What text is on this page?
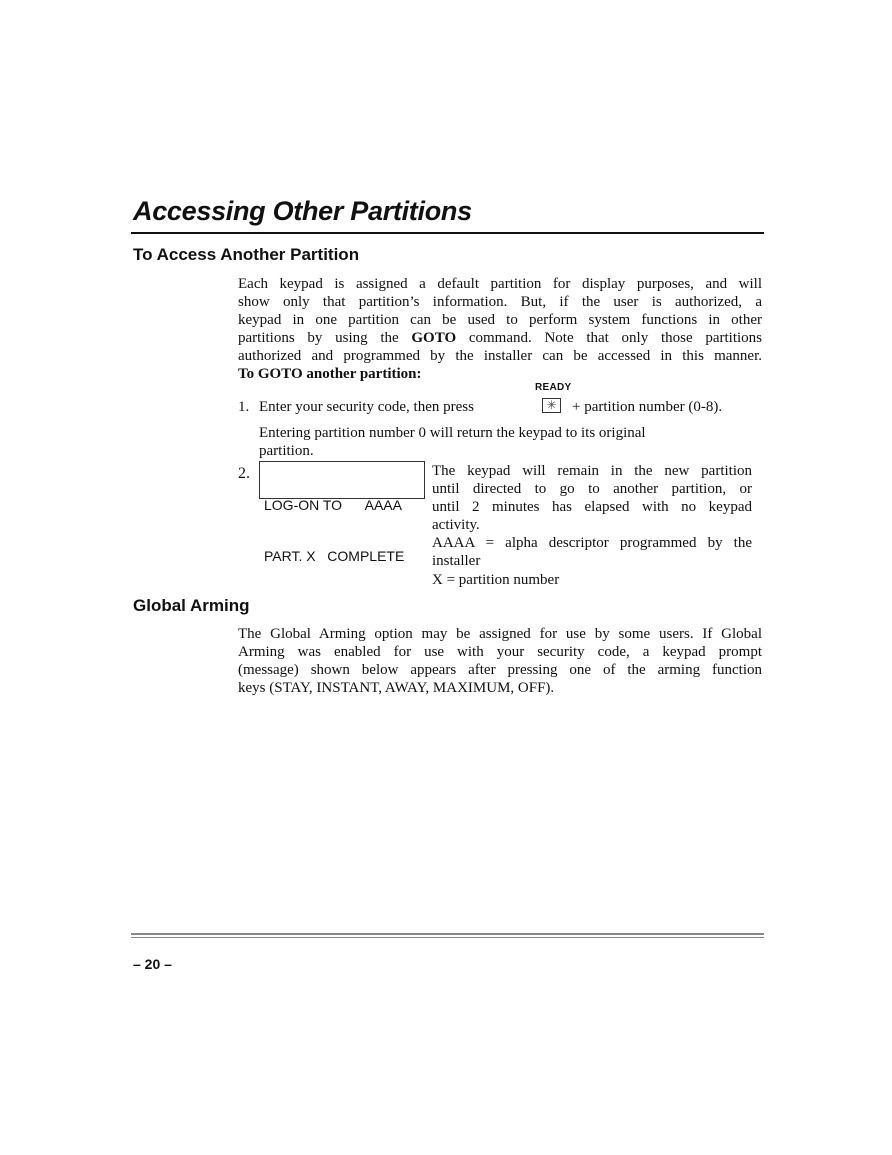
Accessing Other Partitions
To Access Another Partition
Each keypad is assigned a default partition for display purposes, and will
show only that partition’s information. But, if the user is authorized, a
keypad in one partition can be used to perform system functions in other
partitions by using the GOTO command. Note that only those partitions
authorized and programmed by the installer can be accessed in this manner.
To GOTO another partition:
READY
1. Enter your security code, then press	✳ + partition number (0-8).
Entering partition number 0 will return the keypad to its original
partition.
2.

LOG-ON TO      AAAA

PART. X   COMPLETE

The keypad will remain in the new partition
until directed to go to another partition, or
until 2 minutes has elapsed with no keypad
activity.
AAAA = alpha descriptor programmed by the
installer
X = partition number
Global Arming
The Global Arming option may be assigned for use by some users. If Global
Arming was enabled for use with your security code, a keypad prompt
(message) shown below appears after pressing one of the arming function
keys (STAY, INSTANT, AWAY, MAXIMUM, OFF).
– 20 –
